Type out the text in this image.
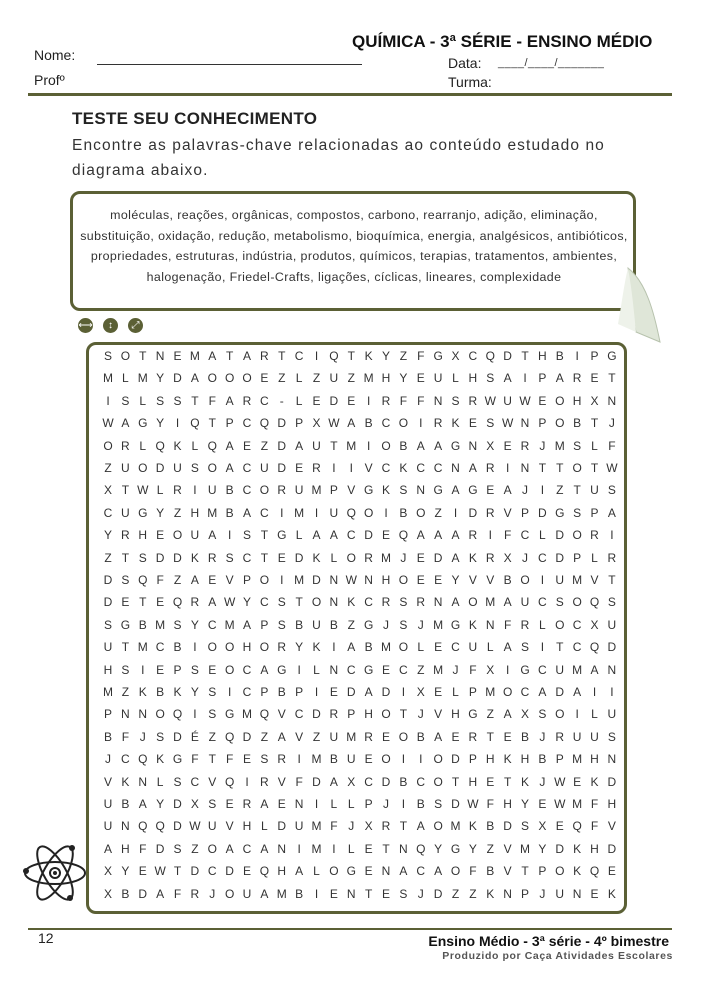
QUÍMICA - 3ª SÉRIE - ENSINO MÉDIO
Nome:
Profº
Data: ____/____/_______
Turma:
TESTE SEU CONHECIMENTO
Encontre as palavras-chave relacionadas ao conteúdo estudado no diagrama abaixo.
moléculas, reações, orgânicas, compostos, carbono, rearranjo, adição, eliminação, substituição, oxidação, redução, metabolismo, bioquímica, energia, analgésicos, antibióticos, propriedades, estruturas, indústria, produtos, químicos, terapias, tratamentos, ambientes, halogenação, Friedel-Crafts, ligações, cíclicas, lineares, complexidade
⟷	↕	⤢
S O T N E M A T A R T C I Q T K Y Z F G X C Q D T H B I P G
M L M Y D A O O O E Z L Z U Z M H Y E U L H S A I P A R E T
I S L S S T F A R C -	L E D E I R F F N S R W U W E O H X N
W A G Y I Q T P C Q D P X W A B C O I R K E S W N P O B T J
O R L Q K L Q A E Z D A U T M I O B A A G N X E R J M S L F
Z U O D U S O A C U D E R I	I V C K C C N A R I N T T O T W
X T W L R I U B C O R U M P V G K S N G A G E A J	I	Z T U S
C U G Y Z H M B A C I M I U Q O I B O Z	I D R V P D G S P A
Y R H E O U A I S T G L A A C D E Q A A A R I	F C L D O R I
Z T S D D K R S C T E D K L O R M J E D A K R X J C D P L R
D S Q F Z A E V P O I M D N W N H O E E Y V V B O I U M V T
D E T E Q R A W Y C S T O N K C R S R N A O M A U C S O Q S
S G B M S Y C M A P S B U B Z G J S J M G K N F R L O C X U
U T M C B I O O H O R Y K I A B M O L E C U L A S I	T C Q D
H S I E P S E O C A G I	L N C G E C Z M J F X I G C U M A N
M Z K B K Y S I C P B P I E D A D I X E L P M O C A D A I	I
P N N O Q I S G M Q V C D R P H O T J V H G Z A X S O I	L U
B F J S D É Z Q D Z A V Z U M R E O B A E R T E B J R U U S
J C Q K G F T F E S R I M B U E O I	I O D P H K H B P M H N
V K N L S C V Q I R V F D A X C D B C O T H E T K J W E K D
U B A Y D X S E R A E N I	L L P J	I B S D W F H Y E W M F H
U N Q Q D W U V H L D U M F J X R T A O M K B D S X E Q F V
A H F D S Z O A C A N I M I	L E T N Q Y G Y Z V M Y D K H D
X Y E W T D C D E Q H A L O G E N A C A O F B V T P O K Q E
X B D A F R J O U A M B I E N T E S J D Z Z K N P J U N E K
12	Ensino Médio - 3ª série - 4º bimestre
Produzido por Caça Atividades Escolares
